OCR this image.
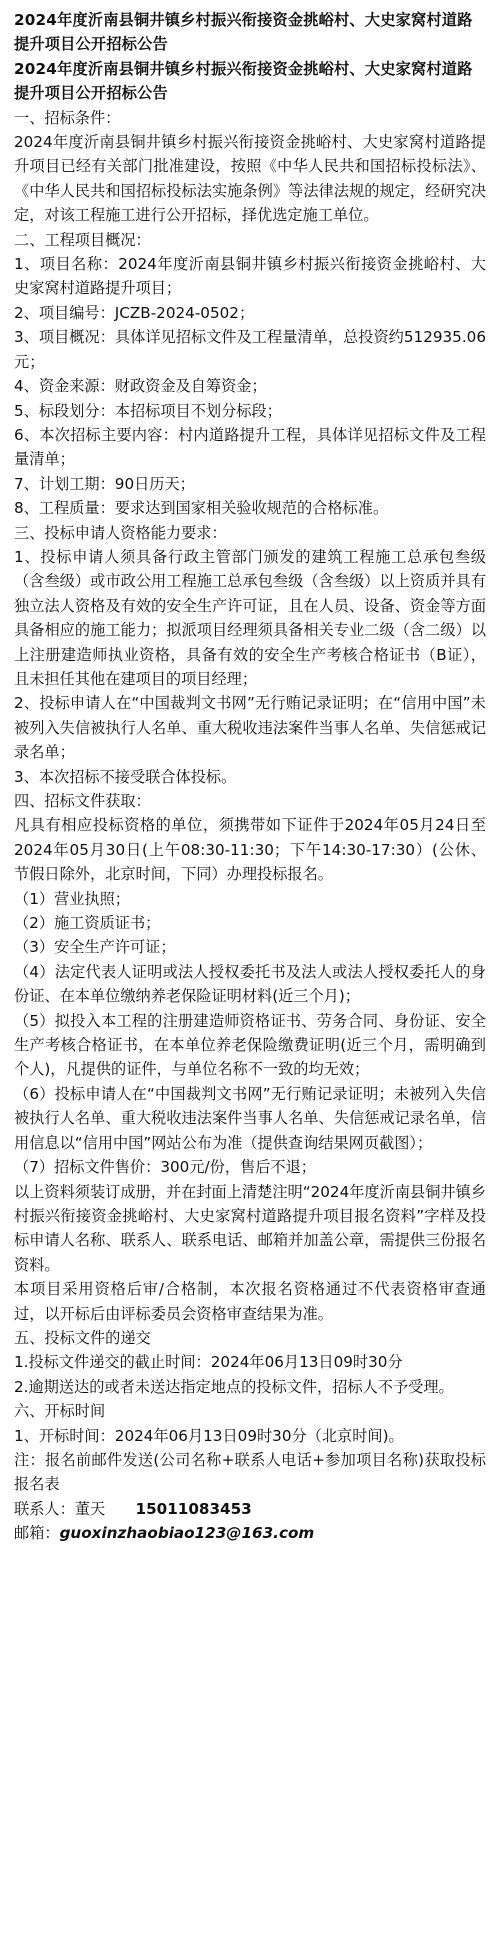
2024年度沂南县铜井镇乡村振兴衔接资金挑峪村、大史家窝村道路提升项目公开招标公告
2024年度沂南县铜井镇乡村振兴衔接资金挑峪村、大史家窝村道路提升项目公开招标公告
一、招标条件：
2024年度沂南县铜井镇乡村振兴衔接资金挑峪村、大史家窝村道路提升项目已经有关部门批准建设，按照《中华人民共和国招标投标法》、《中华人民共和国招标投标法实施条例》等法律法规的规定，经研究决定，对该工程施工进行公开招标，择优选定施工单位。
二、工程项目概况：
1、项目名称：2024年度沂南县铜井镇乡村振兴衔接资金挑峪村、大史家窝村道路提升项目；
2、项目编号：JCZB-2024-0502；
3、项目概况：具体详见招标文件及工程量清单，总投资约512935.06元；
4、资金来源：财政资金及自筹资金；
5、标段划分：本招标项目不划分标段；
6、本次招标主要内容：村内道路提升工程，具体详见招标文件及工程量清单；
7、计划工期：90日历天；
8、工程质量：要求达到国家相关验收规范的合格标准。
三、投标申请人资格能力要求：
1、投标申请人须具备行政主管部门颁发的建筑工程施工总承包叁级（含叁级）或市政公用工程施工总承包叁级（含叁级）以上资质并具有独立法人资格及有效的安全生产许可证，且在人员、设备、资金等方面具备相应的施工能力；拟派项目经理须具备相关专业二级（含二级）以上注册建造师执业资格，具备有效的安全生产考核合格证书（B证），且未担任其他在建项目的项目经理；
2、投标申请人在“中国裁判文书网”无行贿记录证明；在“信用中国”未被列入失信被执行人名单、重大税收违法案件当事人名单、失信惩戒记录名单；
3、本次招标不接受联合体投标。
四、招标文件获取：
凡具有相应投标资格的单位，须携带如下证件于2024年05月24日至2024年05月30日(上午08:30-11:30；下午14:30-17:30）(公休、节假日除外，北京时间，下同）办理投标报名。
（1）营业执照；
（2）施工资质证书；
（3）安全生产许可证；
（4）法定代表人证明或法人授权委托书及法人或法人授权委托人的身份证、在本单位缴纳养老保险证明材料(近三个月)；
（5）拟投入本工程的注册建造师资格证书、劳务合同、身份证、安全生产考核合格证书，在本单位养老保险缴费证明(近三个月，需明确到个人)，凡提供的证件，与单位名称不一致的均无效；
（6）投标申请人在“中国裁判文书网”无行贿记录证明；未被列入失信被执行人名单、重大税收违法案件当事人名单、失信惩戒记录名单，信用信息以“信用中国”网站公布为准（提供查询结果网页截图）；
（7）招标文件售价：300元/份，售后不退；
以上资料须装订成册，并在封面上清楚注明“2024年度沂南县铜井镇乡村振兴衔接资金挑峪村、大史家窝村道路提升项目报名资料”字样及投标申请人名称、联系人、联系电话、邮箱并加盖公章，需提供三份报名资料。
本项目采用资格后审/合格制，本次报名资格通过不代表资格审查通过，以开标后由评标委员会资格审查结果为准。
五、投标文件的递交
1.投标文件递交的截止时间：2024年06月13日09时30分
2.逾期送达的或者未送达指定地点的投标文件，招标人不予受理。
六、开标时间
1、开标时间：2024年06月13日09时30分（北京时间)。
注：报名前邮件发送(公司名称+联系人电话+参加项目名称)获取投标报名表
联系人：董天   15011083453
邮箱：guoxinzhaobiao123@163.com
